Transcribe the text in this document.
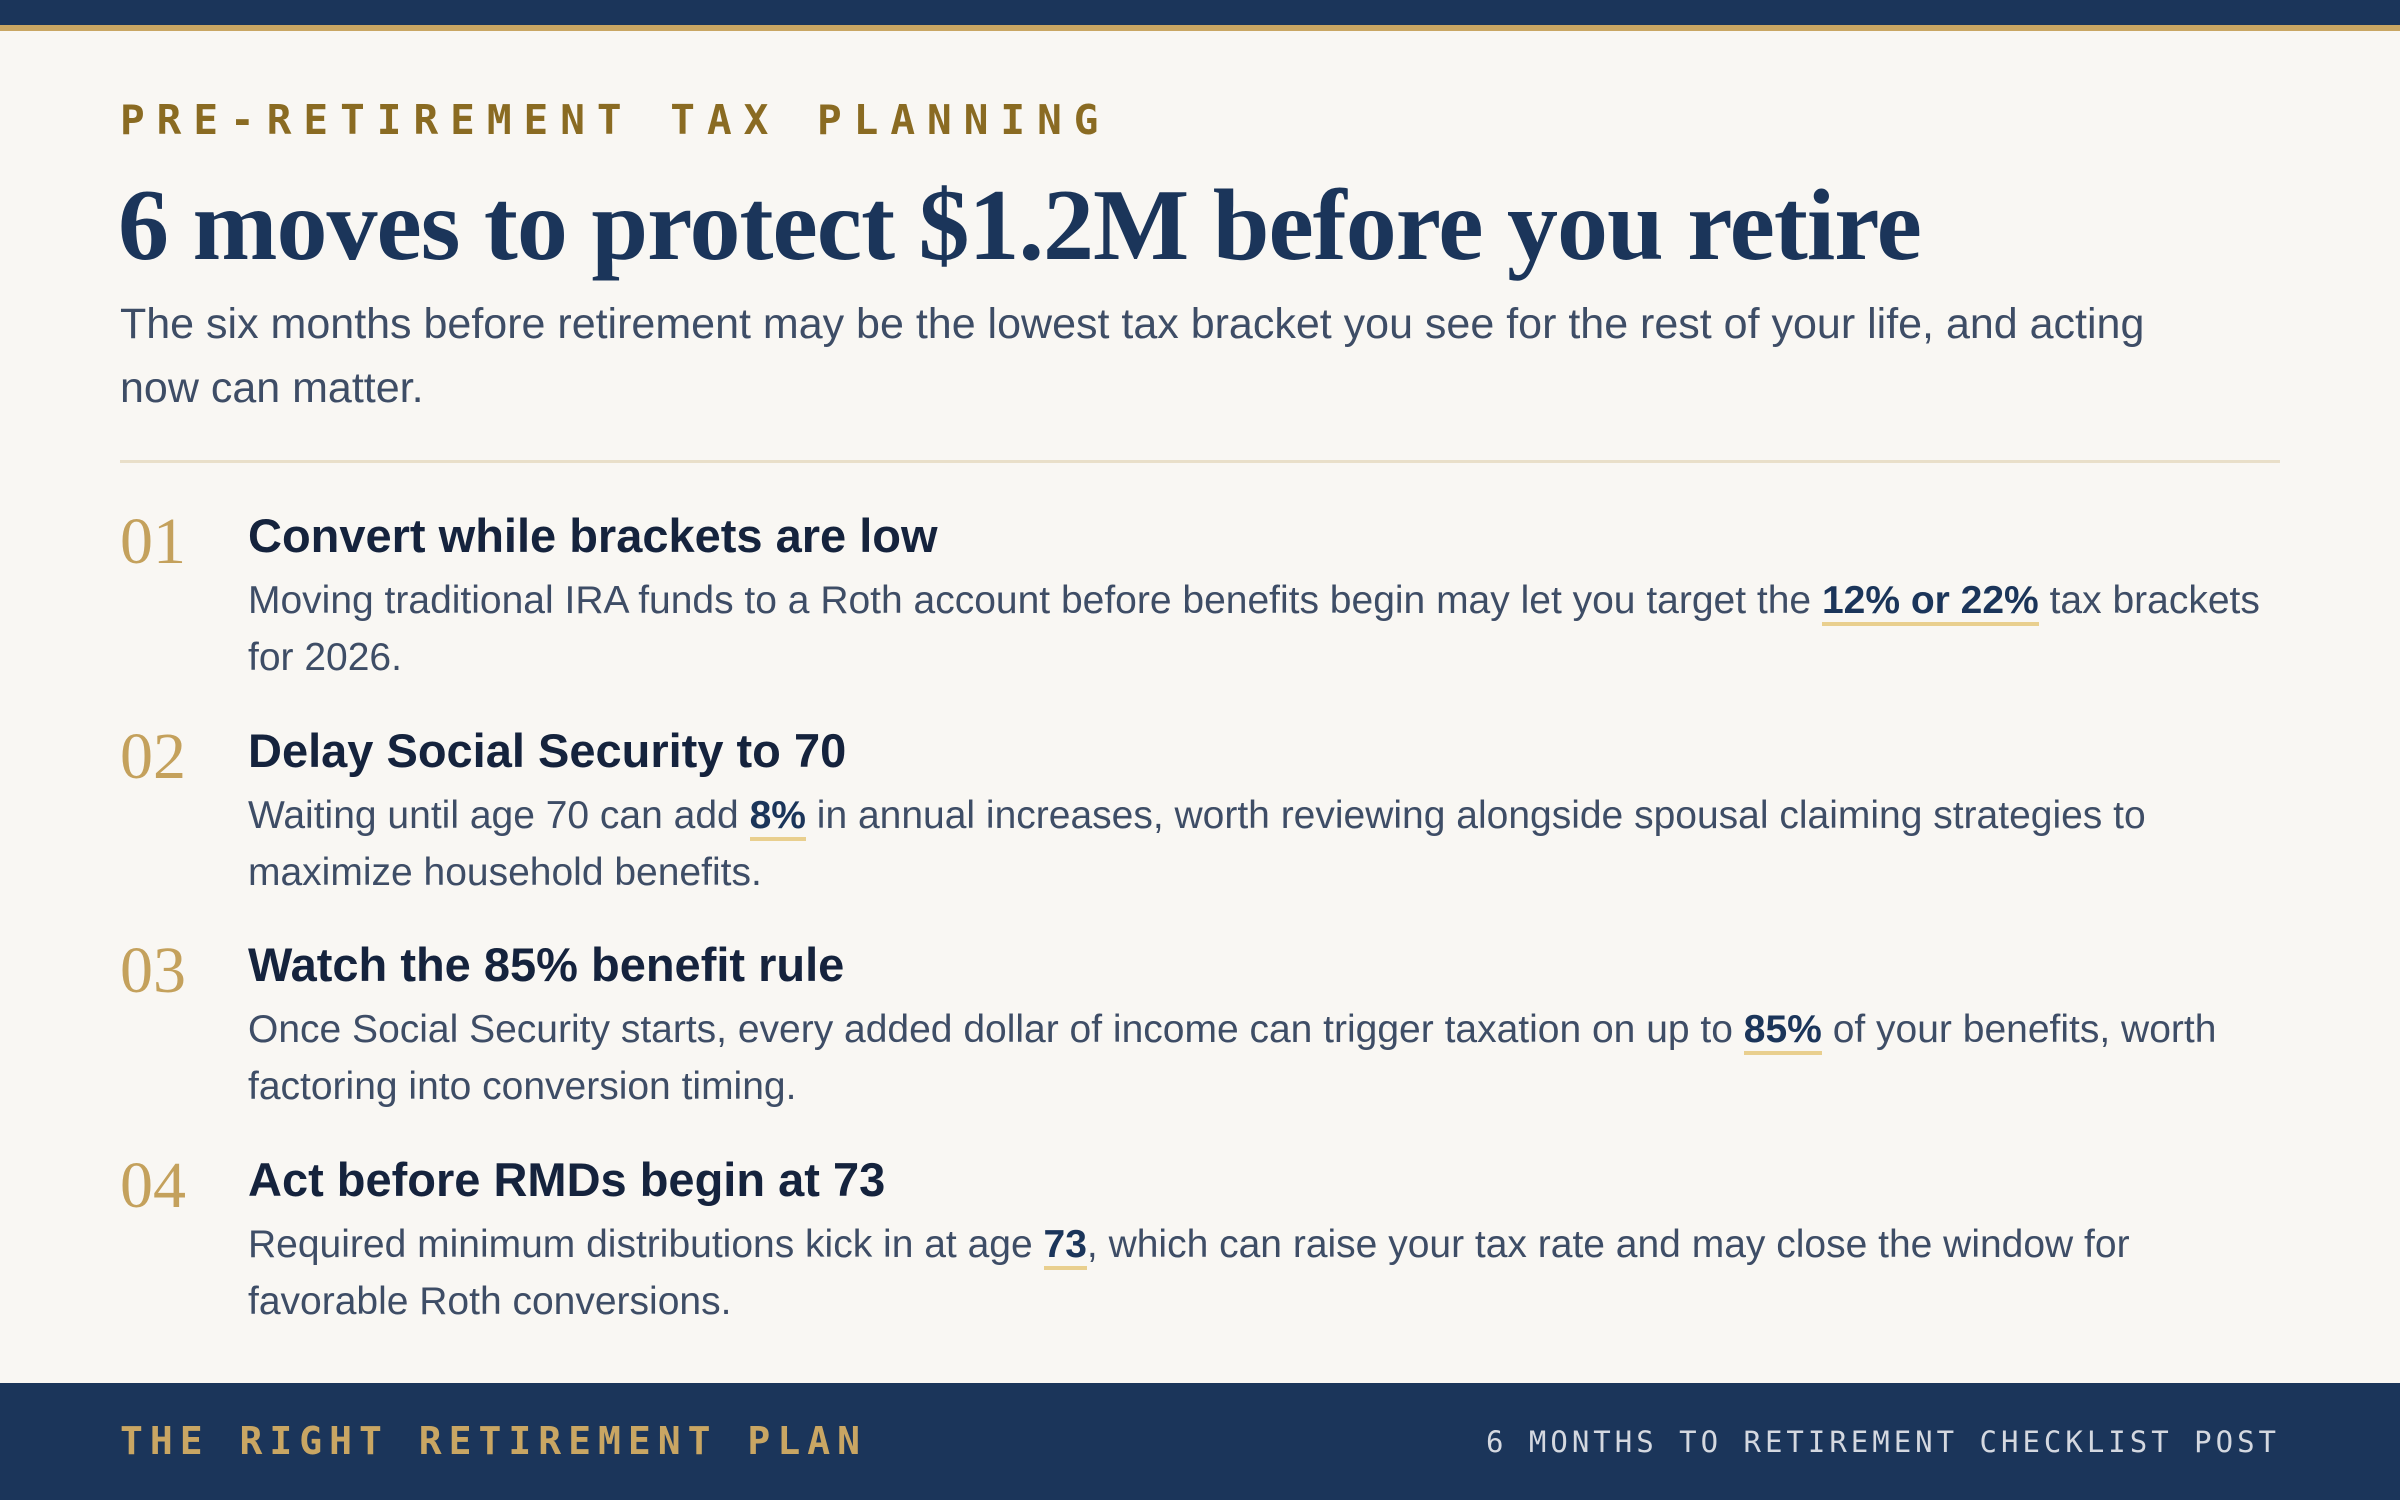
PRE-RETIREMENT TAX PLANNING
6 moves to protect $1.2M before you retire

The six months before retirement may be the lowest tax bracket you see for the rest of your life, and acting now can matter.

01 Convert while brackets are low
Moving traditional IRA funds to a Roth account before benefits begin may let you target the 12% or 22% tax brackets for 2026.
02 Delay Social Security to 70
Waiting until age 70 can add 8% in annual increases, worth reviewing alongside spousal claiming strategies to maximize household benefits.
03 Watch the 85% benefit rule
Once Social Security starts, every added dollar of income can trigger taxation on up to 85% of your benefits, worth factoring into conversion timing.
04 Act before RMDs begin at 73
Required minimum distributions kick in at age 73, which can raise your tax rate and may close the window for favorable Roth conversions.
THE RIGHT RETIREMENT PLAN	6 MONTHS TO RETIREMENT CHECKLIST POST
